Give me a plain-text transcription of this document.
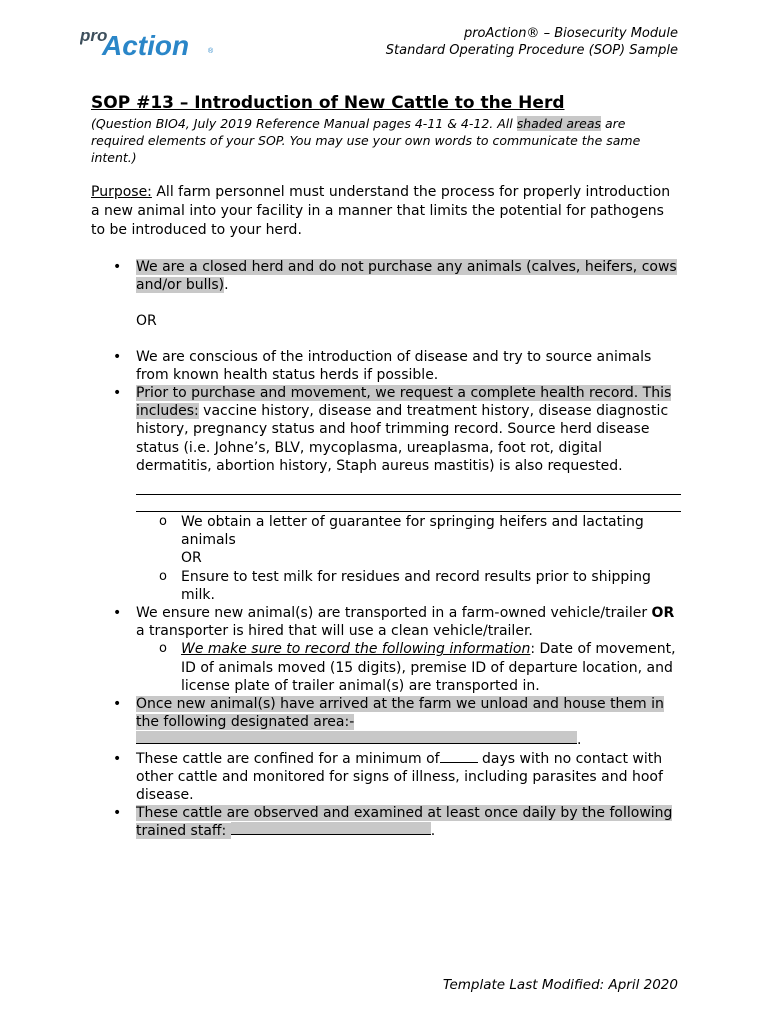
pro
Action	®
proAction® – Biosecurity Module
Standard Operating Procedure (SOP) Sample
SOP #13 – Introduction of New Cattle to the Herd

(Question BIO4, July 2019 Reference Manual pages 4-11 & 4-12. All shaded areas are required elements of your SOP. You may use your own words to communicate the same intent.)

Purpose: All farm personnel must understand the process for properly introduction a new animal into your facility in a manner that limits the potential for pathogens to be introduced to your herd.

• We are a closed herd and do not purchase any animals (calves, heifers, cows and/or bulls).
OR
• We are conscious of the introduction of disease and try to source animals from known health status herds if possible.
• Prior to purchase and movement, we request a complete health record. This includes: vaccine history, disease and treatment history, disease diagnostic history, pregnancy status and hoof trimming record. Source herd disease status (i.e. Johne’s, BLV, mycoplasma, ureaplasma, foot rot, digital dermatitis, abortion history, Staph aureus mastitis) is also requested.
o We obtain a letter of guarantee for springing heifers and lactating animals
OR
o Ensure to test milk for residues and record results prior to shipping milk.
• We ensure new animal(s) are transported in a farm-owned vehicle/trailer OR a transporter is hired that will use a clean vehicle/trailer.
o We make sure to record the following information: Date of movement, ID of animals moved (15 digits), premise ID of departure location, and license plate of trailer animal(s) are transported in.
• Once new animal(s) have arrived at the farm we unload and house them in the following designated area:-
.
• These cattle are confined for a minimum of	days with no contact with other cattle and monitored for signs of illness, including parasites and hoof disease.
• These cattle are observed and examined at least once daily by the following trained staff:	.
Template Last Modified: April 2020
